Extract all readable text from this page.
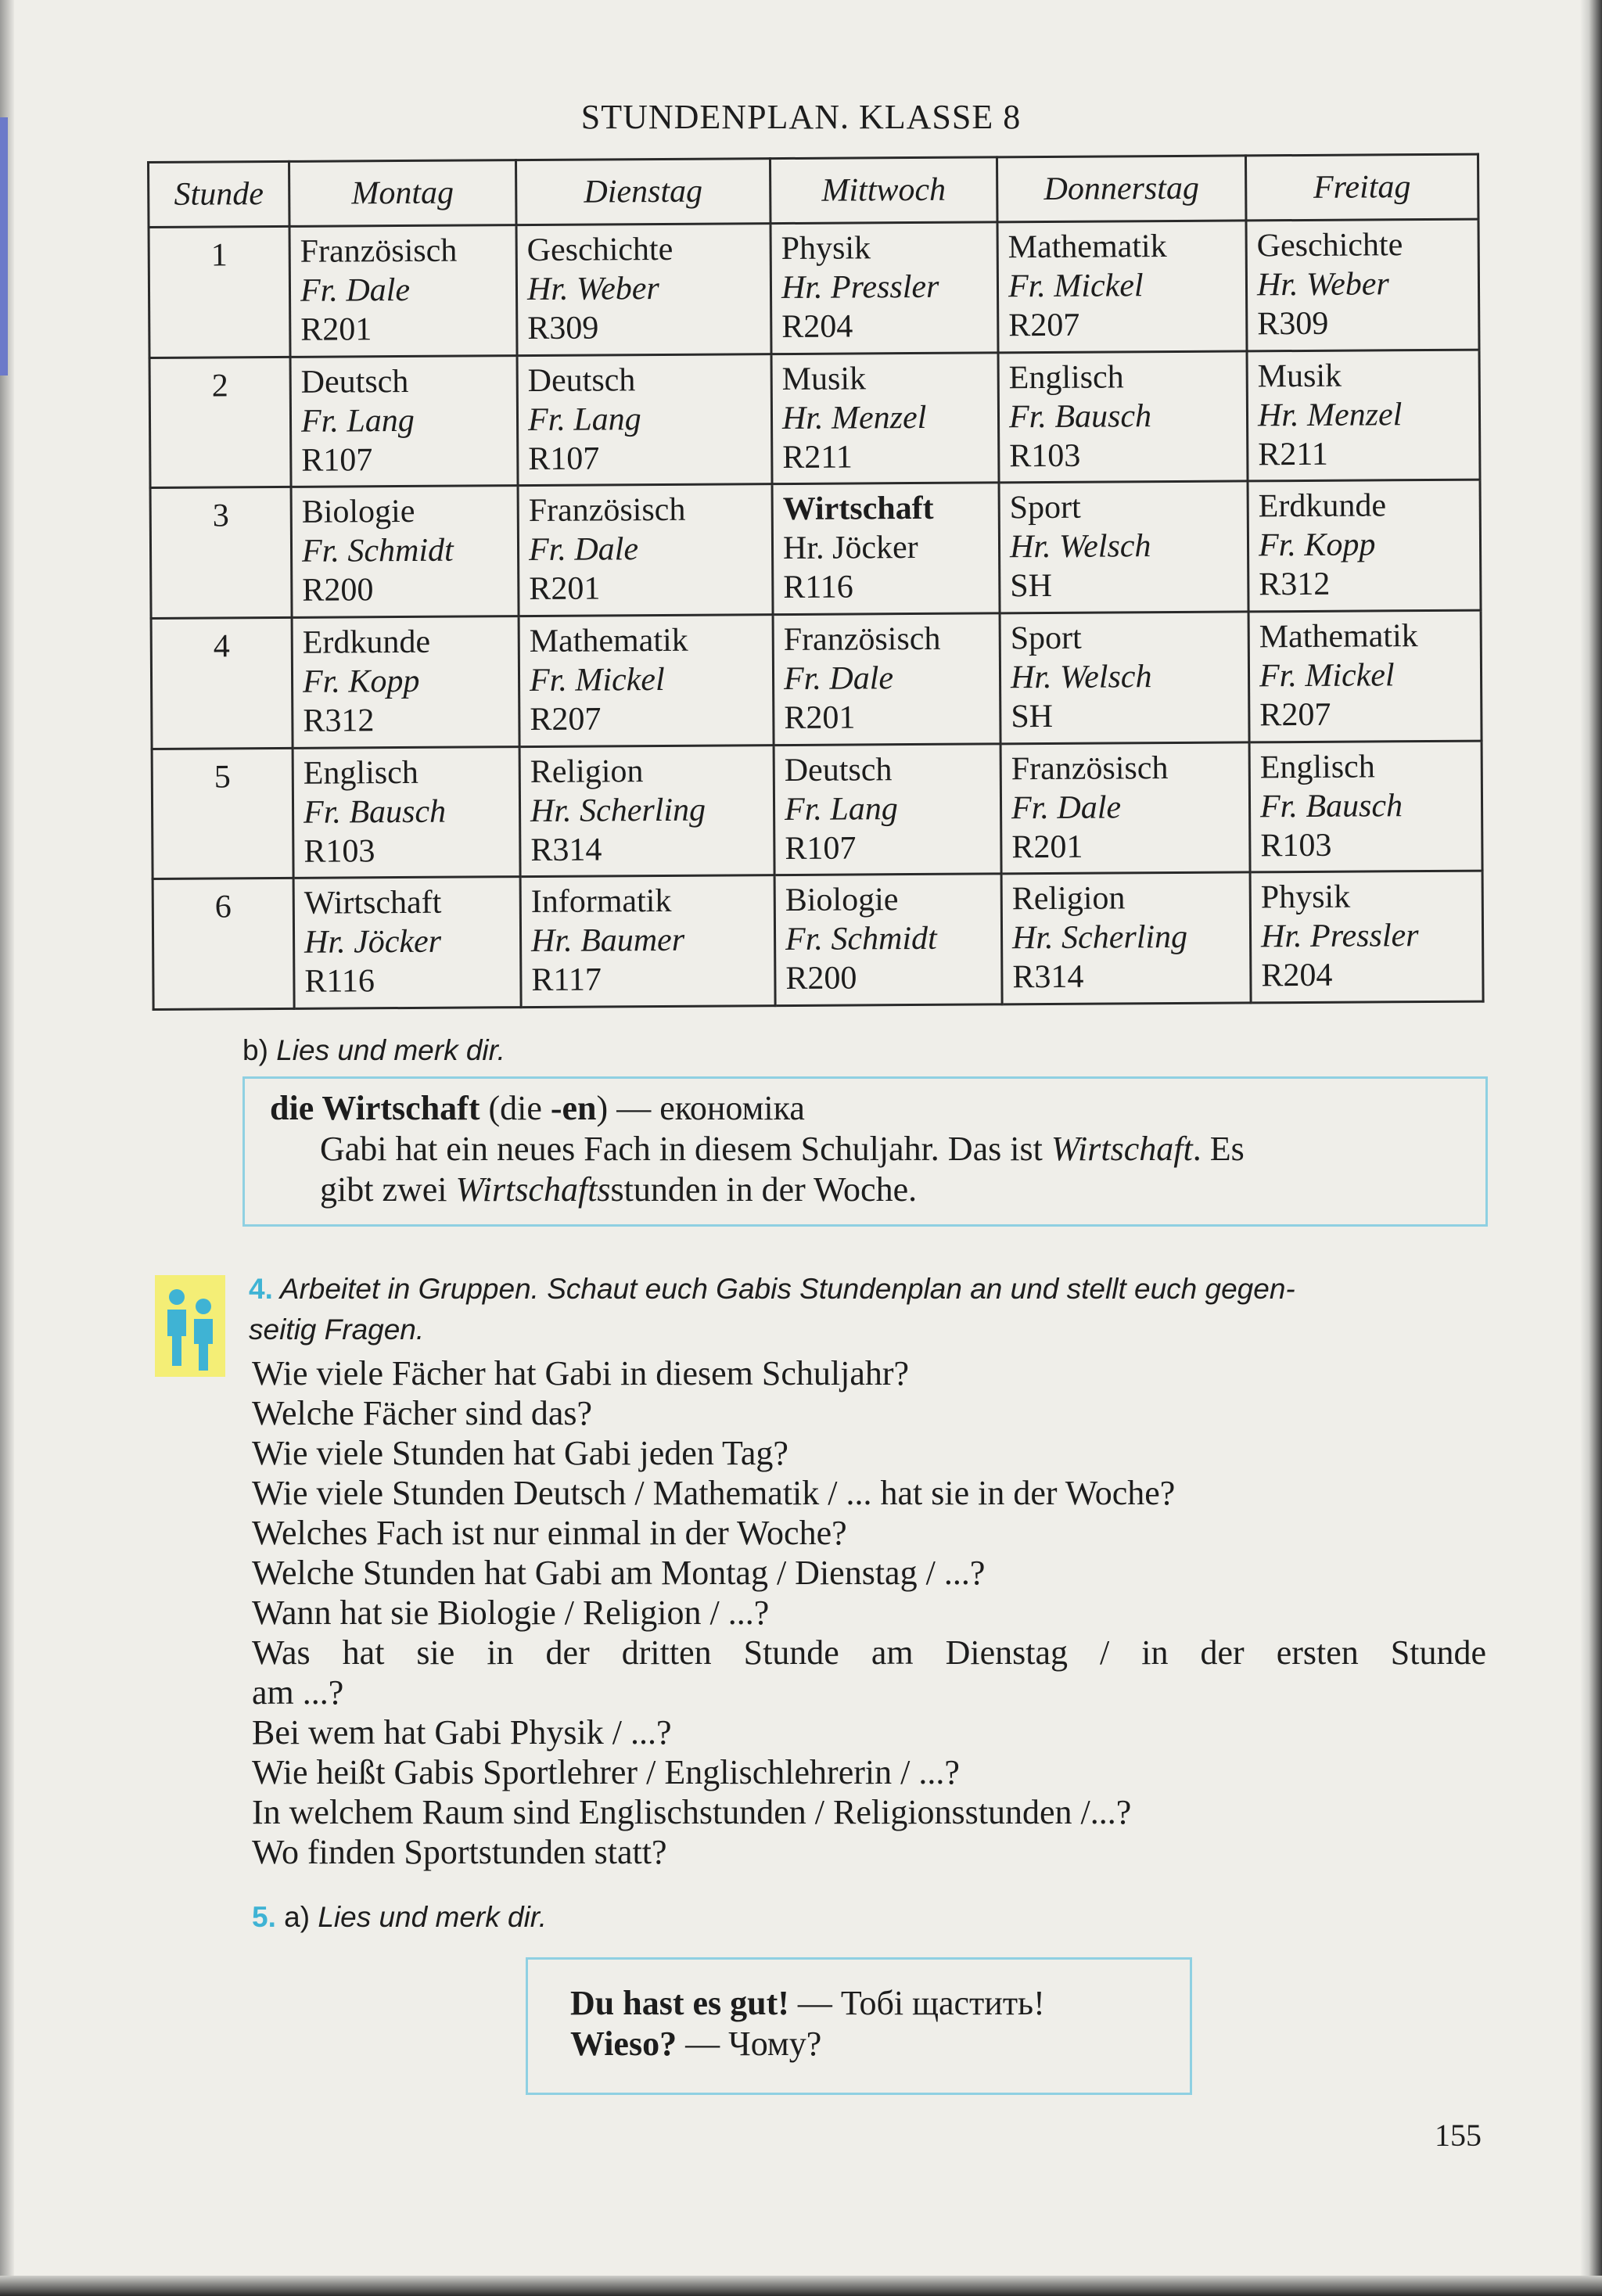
STUNDENPLAN. KLASSE 8
Stunde	Montag	Dienstag	Mittwoch	Donnerstag	Freitag
1	Französisch
Fr. Dale
R201	Geschichte
Hr. Weber
R309	Physik
Hr. Pressler
R204	Mathematik
Fr. Mickel
R207	Geschichte
Hr. Weber
R309

2	Deutsch
Fr. Lang
R107	Deutsch
Fr. Lang
R107	Musik
Hr. Menzel
R211	Englisch
Fr. Bausch
R103	Musik
Hr. Menzel
R211

3	Biologie
Fr. Schmidt
R200	Französisch
Fr. Dale
R201	Wirtschaft
Hr. Jöcker
R116	Sport
Hr. Welsch
SH	Erdkunde
Fr. Kopp
R312

4	Erdkunde
Fr. Kopp
R312	Mathematik
Fr. Mickel
R207	Französisch
Fr. Dale
R201	Sport
Hr. Welsch
SH	Mathematik
Fr. Mickel
R207

5	Englisch
Fr. Bausch
R103	Religion
Hr. Scherling
R314	Deutsch
Fr. Lang
R107	Französisch
Fr. Dale
R201	Englisch
Fr. Bausch
R103

6	Wirtschaft
Hr. Jöcker
R116	Informatik
Hr. Baumer
R117	Biologie
Fr. Schmidt
R200	Religion
Hr. Scherling
R314	Physik
Hr. Pressler
R204
b) Lies und merk dir.
die Wirtschaft (die -en) — економіка
Gabi hat ein neues Fach in diesem Schuljahr. Das ist Wirtschaft. Es
gibt zwei Wirtschaftsstunden in der Woche.
4. Arbeitet in Gruppen. Schaut euch Gabis Stundenplan an und stellt euch gegen-
seitig Fragen.
Wie viele Fächer hat Gabi in diesem Schuljahr?
Welche Fächer sind das?
Wie viele Stunden hat Gabi jeden Tag?
Wie viele Stunden Deutsch / Mathematik / ... hat sie in der Woche?
Welches Fach ist nur einmal in der Woche?
Welche Stunden hat Gabi am Montag / Dienstag / ...?
Wann hat sie Biologie / Religion / ...?
Was hat sie in der dritten Stunde am Dienstag / in der ersten Stunde
am ...?
Bei wem hat Gabi Physik / ...?
Wie heißt Gabis Sportlehrer / Englischlehrerin / ...?
In welchem Raum sind Englischstunden / Religionsstunden /...?
Wo finden Sportstunden statt?
5. a) Lies und merk dir.
Du hast es gut! — Тобі щастить!
Wieso? — Чому?
155
